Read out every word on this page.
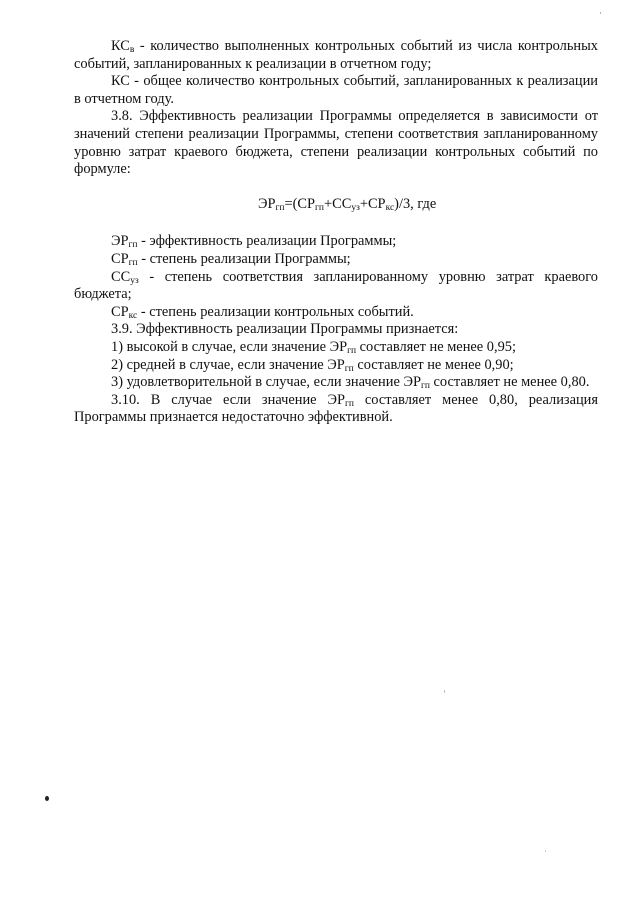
$КС_в$ - количество выполненных контрольных событий из числа контрольных событий, запланированных к реализации в отчетном году;

КС - общее количество контрольных событий, запланированных к реализации в отчетном году.

3.8. Эффективность реализации Программы определяется в зависимости от значений степени реализации Программы, степени соответствия запланированному уровню затрат краевого бюджета, степени реализации контрольных событий по формуле:

$ЭР_{гп}=(СР_{гп}+СС_{уз}+СР_{кс})/3$, где

$ЭР_{гп}$ - эффективность реализации Программы;

$СР_{гп}$ - степень реализации Программы;

$СС_{уз}$ - степень соответствия запланированному уровню затрат краевого бюджета;

$СР_{кс}$ - степень реализации контрольных событий.

3.9. Эффективность реализации Программы признается:

1) высокой в случае, если значение $ЭР_{гп}$ составляет не менее 0,95;

2) средней в случае, если значение $ЭР_{гп}$ составляет не менее 0,90;

3) удовлетворительной в случае, если значение $ЭР_{гп}$ составляет не менее 0,80.

3.10. В случае если значение $ЭР_{гп}$ составляет менее 0,80, реализация Программы признается недостаточно эффективной.
